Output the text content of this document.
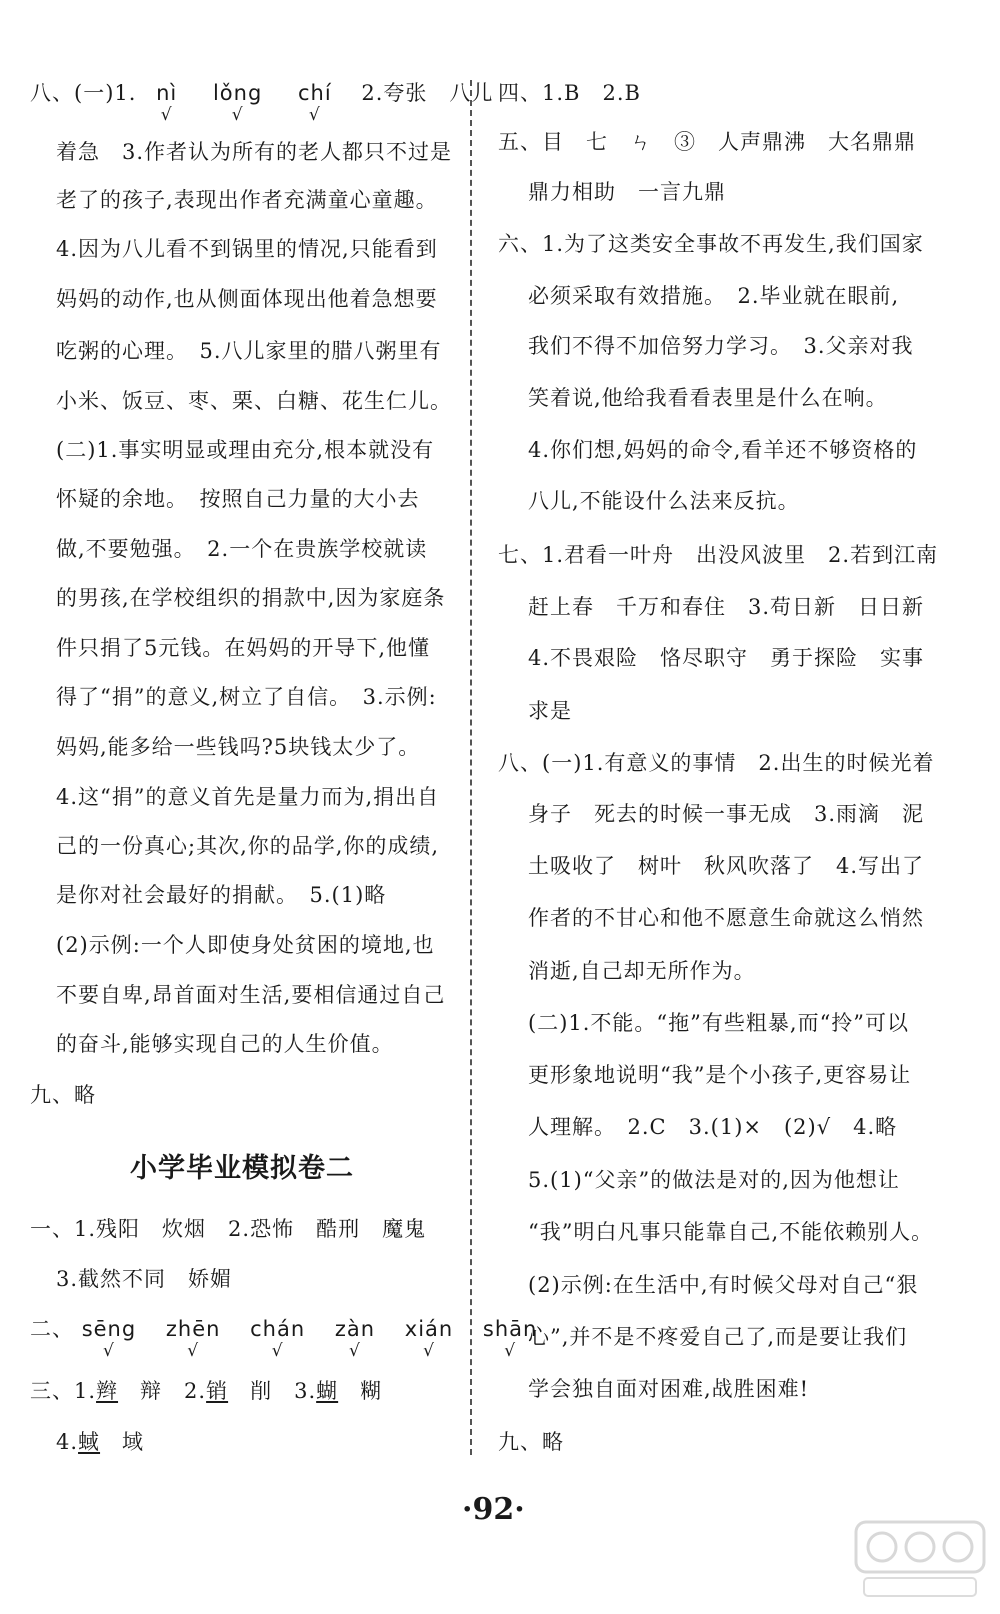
八、(一)1. nì
√
lǒng
√
chí
√
2.夸张　八儿
着急　3.作者认为所有的老人都只不过是
老了的孩子,表现出作者充满童心童趣。
4.因为八儿看不到锅里的情况,只能看到
妈妈的动作,也从侧面体现出他着急想要
吃粥的心理。　5.八儿家里的腊八粥里有
小米、饭豆、枣、栗、白糖、花生仁儿。
(二)1.事实明显或理由充分,根本就没有
怀疑的余地。　按照自己力量的大小去
做,不要勉强。　2.一个在贵族学校就读
的男孩,在学校组织的捐款中,因为家庭条
件只捐了5元钱。在妈妈的开导下,他懂
得了“捐”的意义,树立了自信。　3.示例:
妈妈,能多给一些钱吗?5块钱太少了。
4.这“捐”的意义首先是量力而为,捐出自
己的一份真心;其次,你的品学,你的成绩,
是你对社会最好的捐献。　5.(1)略
(2)示例:一个人即使身处贫困的境地,也
不要自卑,昂首面对生活,要相信通过自己
的奋斗,能够实现自己的人生价值。
九、略
小学毕业模拟卷二
一、1.残阳　炊烟　2.恐怖　酷刑　魔鬼
3.截然不同　娇媚
二、 sēng
√
zhēn
√
chán
√
zàn
√
xián
√
shān
√
三、1.辫　辩　2.销　削　3.蝴　糊
4.蜮　域
四、1.B　2.B
五、目　七　ㄣ　③　人声鼎沸　大名鼎鼎
鼎力相助　一言九鼎
六、1.为了这类安全事故不再发生,我们国家
必须采取有效措施。　2.毕业就在眼前,
我们不得不加倍努力学习。　3.父亲对我
笑着说,他给我看看表里是什么在响。
4.你们想,妈妈的命令,看羊还不够资格的
八儿,不能设什么法来反抗。
七、1.君看一叶舟　出没风波里　2.若到江南
赶上春　千万和春住　3.苟日新　日日新
4.不畏艰险　恪尽职守　勇于探险　实事
求是
八、(一)1.有意义的事情　2.出生的时候光着
身子　死去的时候一事无成　3.雨滴　泥
土吸收了　树叶　秋风吹落了　4.写出了
作者的不甘心和他不愿意生命就这么悄然
消逝,自己却无所作为。
(二)1.不能。“拖”有些粗暴,而“拎”可以
更形象地说明“我”是个小孩子,更容易让
人理解。　2.C　3.(1)×　(2)√　4.略
5.(1)“父亲”的做法是对的,因为他想让
“我”明白凡事只能靠自己,不能依赖别人。
(2)示例:在生活中,有时候父母对自己“狠
心”,并不是不疼爱自己了,而是要让我们
学会独自面对困难,战胜困难!
九、略
·92·
